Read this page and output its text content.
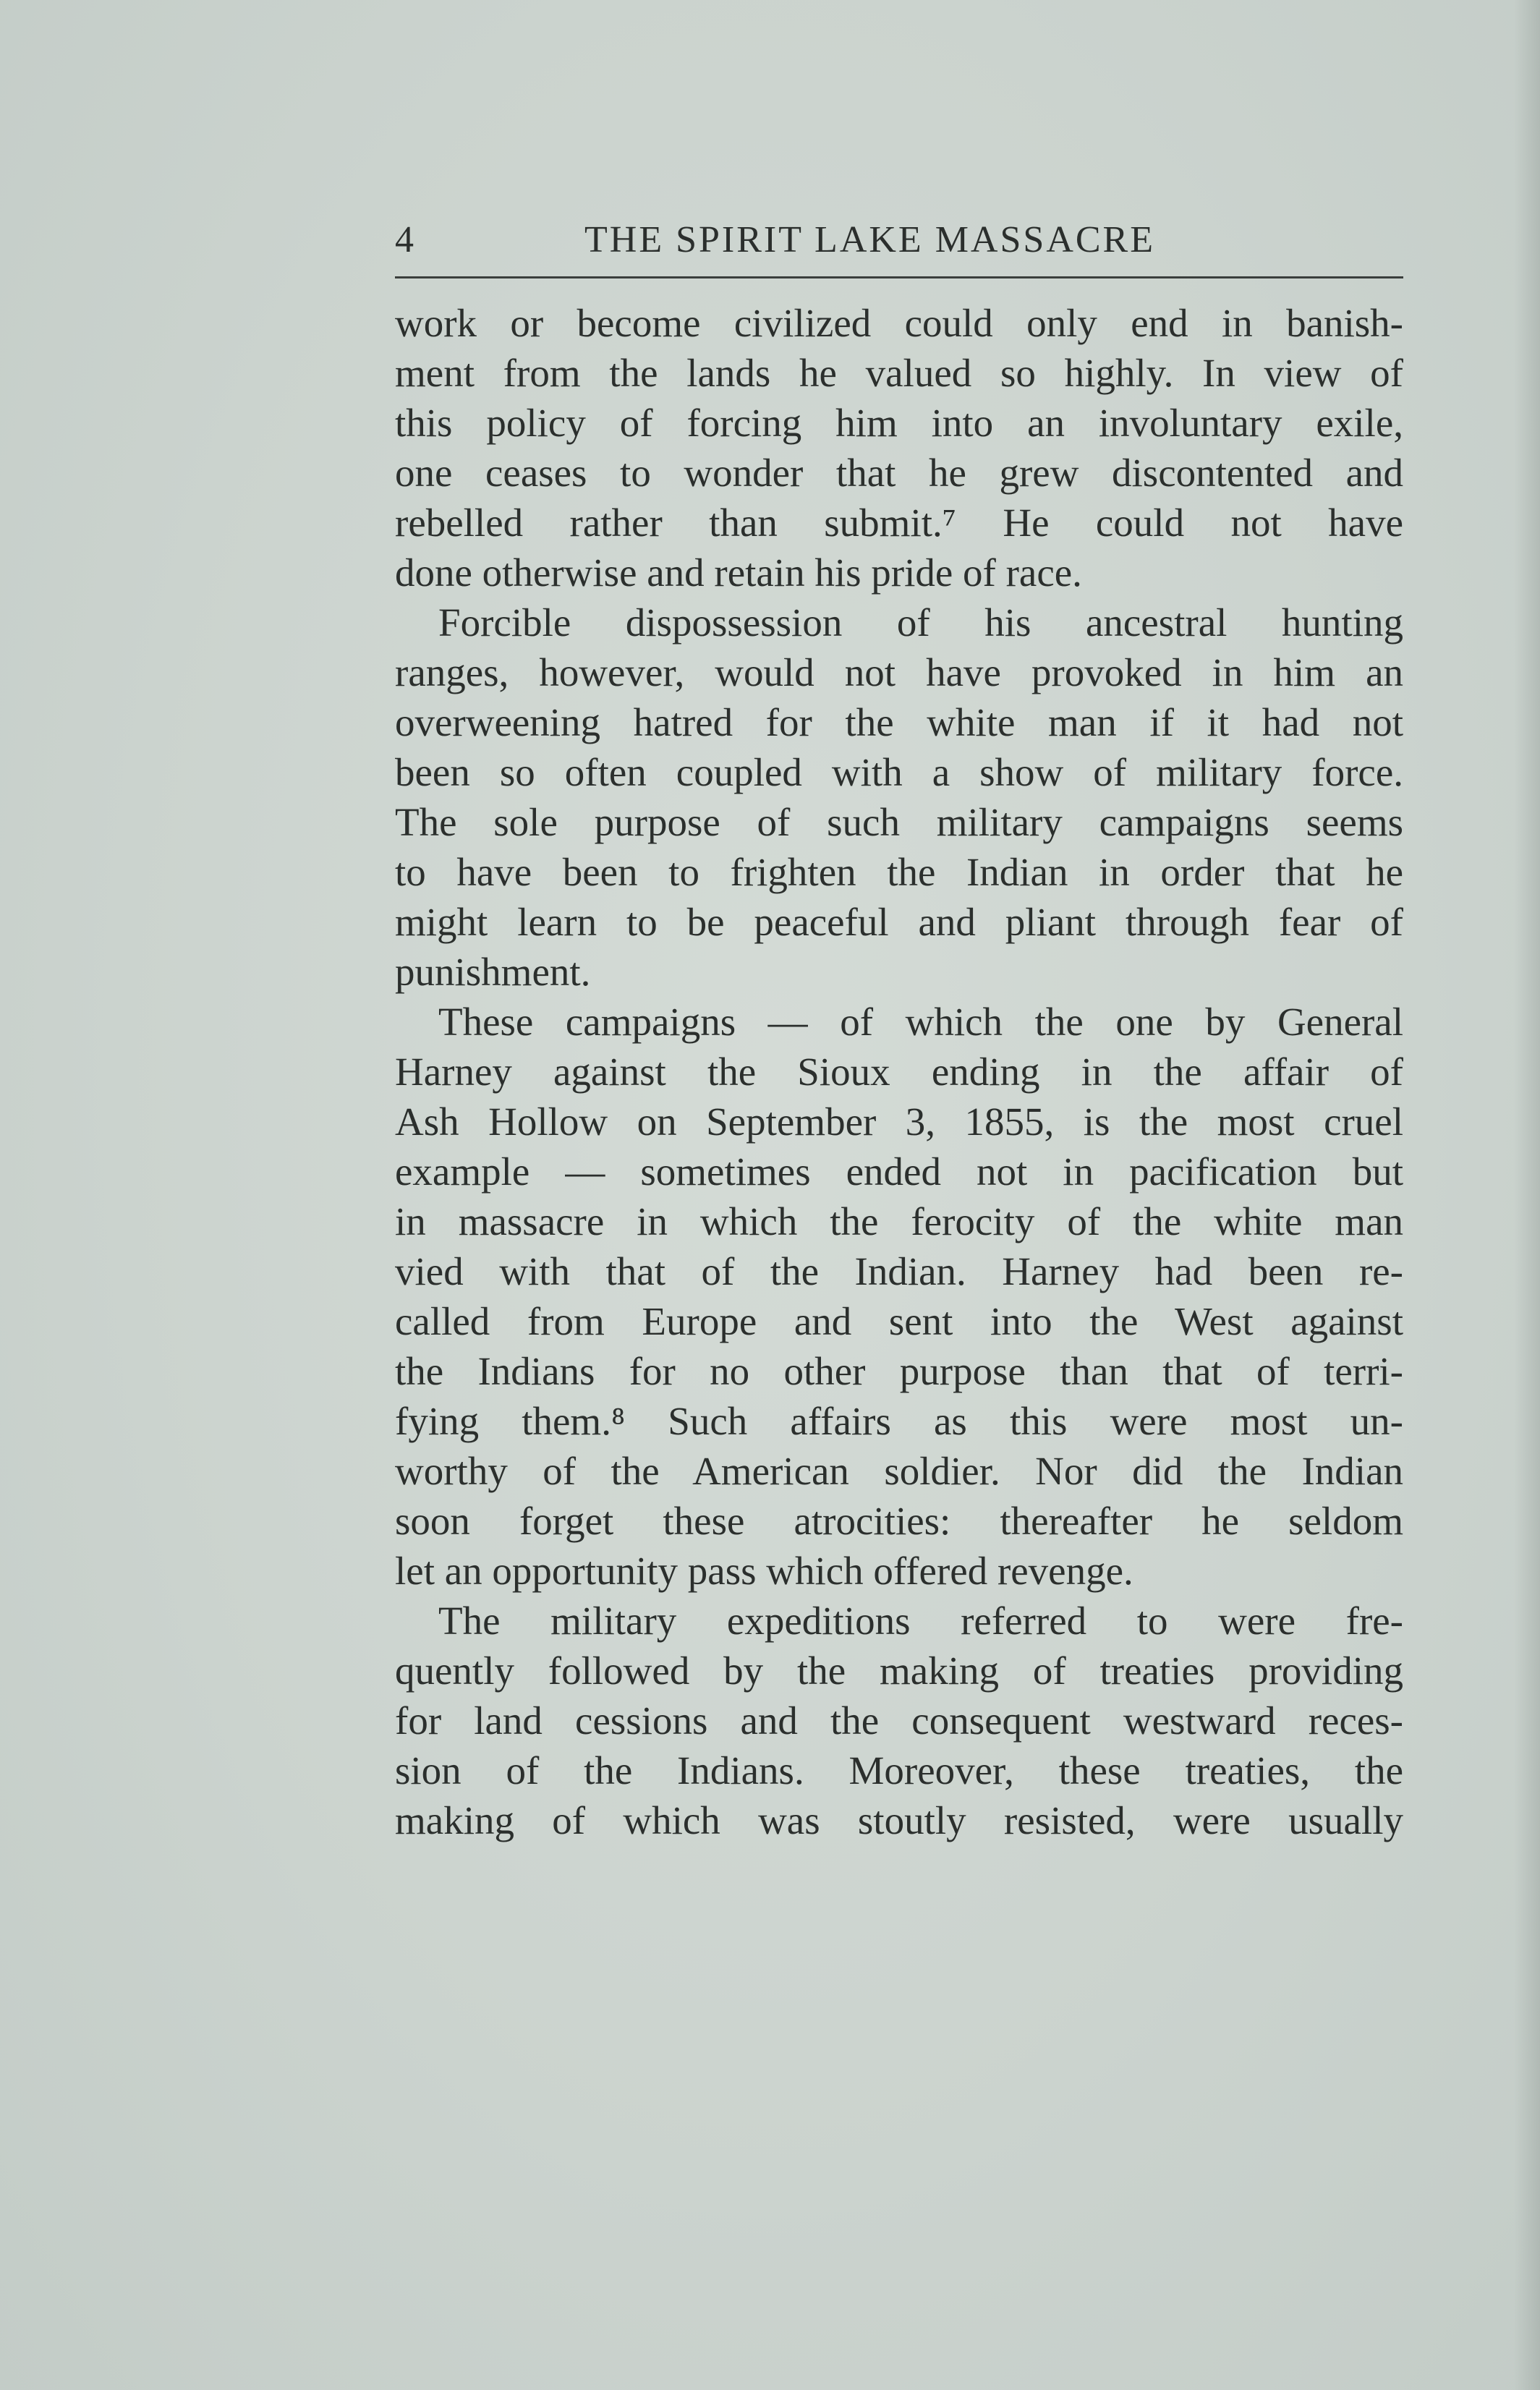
4	THE SPIRIT LAKE MASSACRE
work or become civilized could only end in banish-
ment from the lands he valued so highly. In view of
this policy of forcing him into an involuntary exile,
one ceases to wonder that he grew discontented and
rebelled rather than submit.⁷ He could not have
done otherwise and retain his pride of race.
Forcible dispossession of his ancestral hunting
ranges, however, would not have provoked in him an
overweening hatred for the white man if it had not
been so often coupled with a show of military force.
The sole purpose of such military campaigns seems
to have been to frighten the Indian in order that he
might learn to be peaceful and pliant through fear of
punishment.
These campaigns — of which the one by General
Harney against the Sioux ending in the affair of
Ash Hollow on September 3, 1855, is the most cruel
example — sometimes ended not in pacification but
in massacre in which the ferocity of the white man
vied with that of the Indian. Harney had been re-
called from Europe and sent into the West against
the Indians for no other purpose than that of terri-
fying them.⁸ Such affairs as this were most un-
worthy of the American soldier. Nor did the Indian
soon forget these atrocities: thereafter he seldom
let an opportunity pass which offered revenge.
The military expeditions referred to were fre-
quently followed by the making of treaties providing
for land cessions and the consequent westward reces-
sion of the Indians. Moreover, these treaties, the
making of which was stoutly resisted, were usually
